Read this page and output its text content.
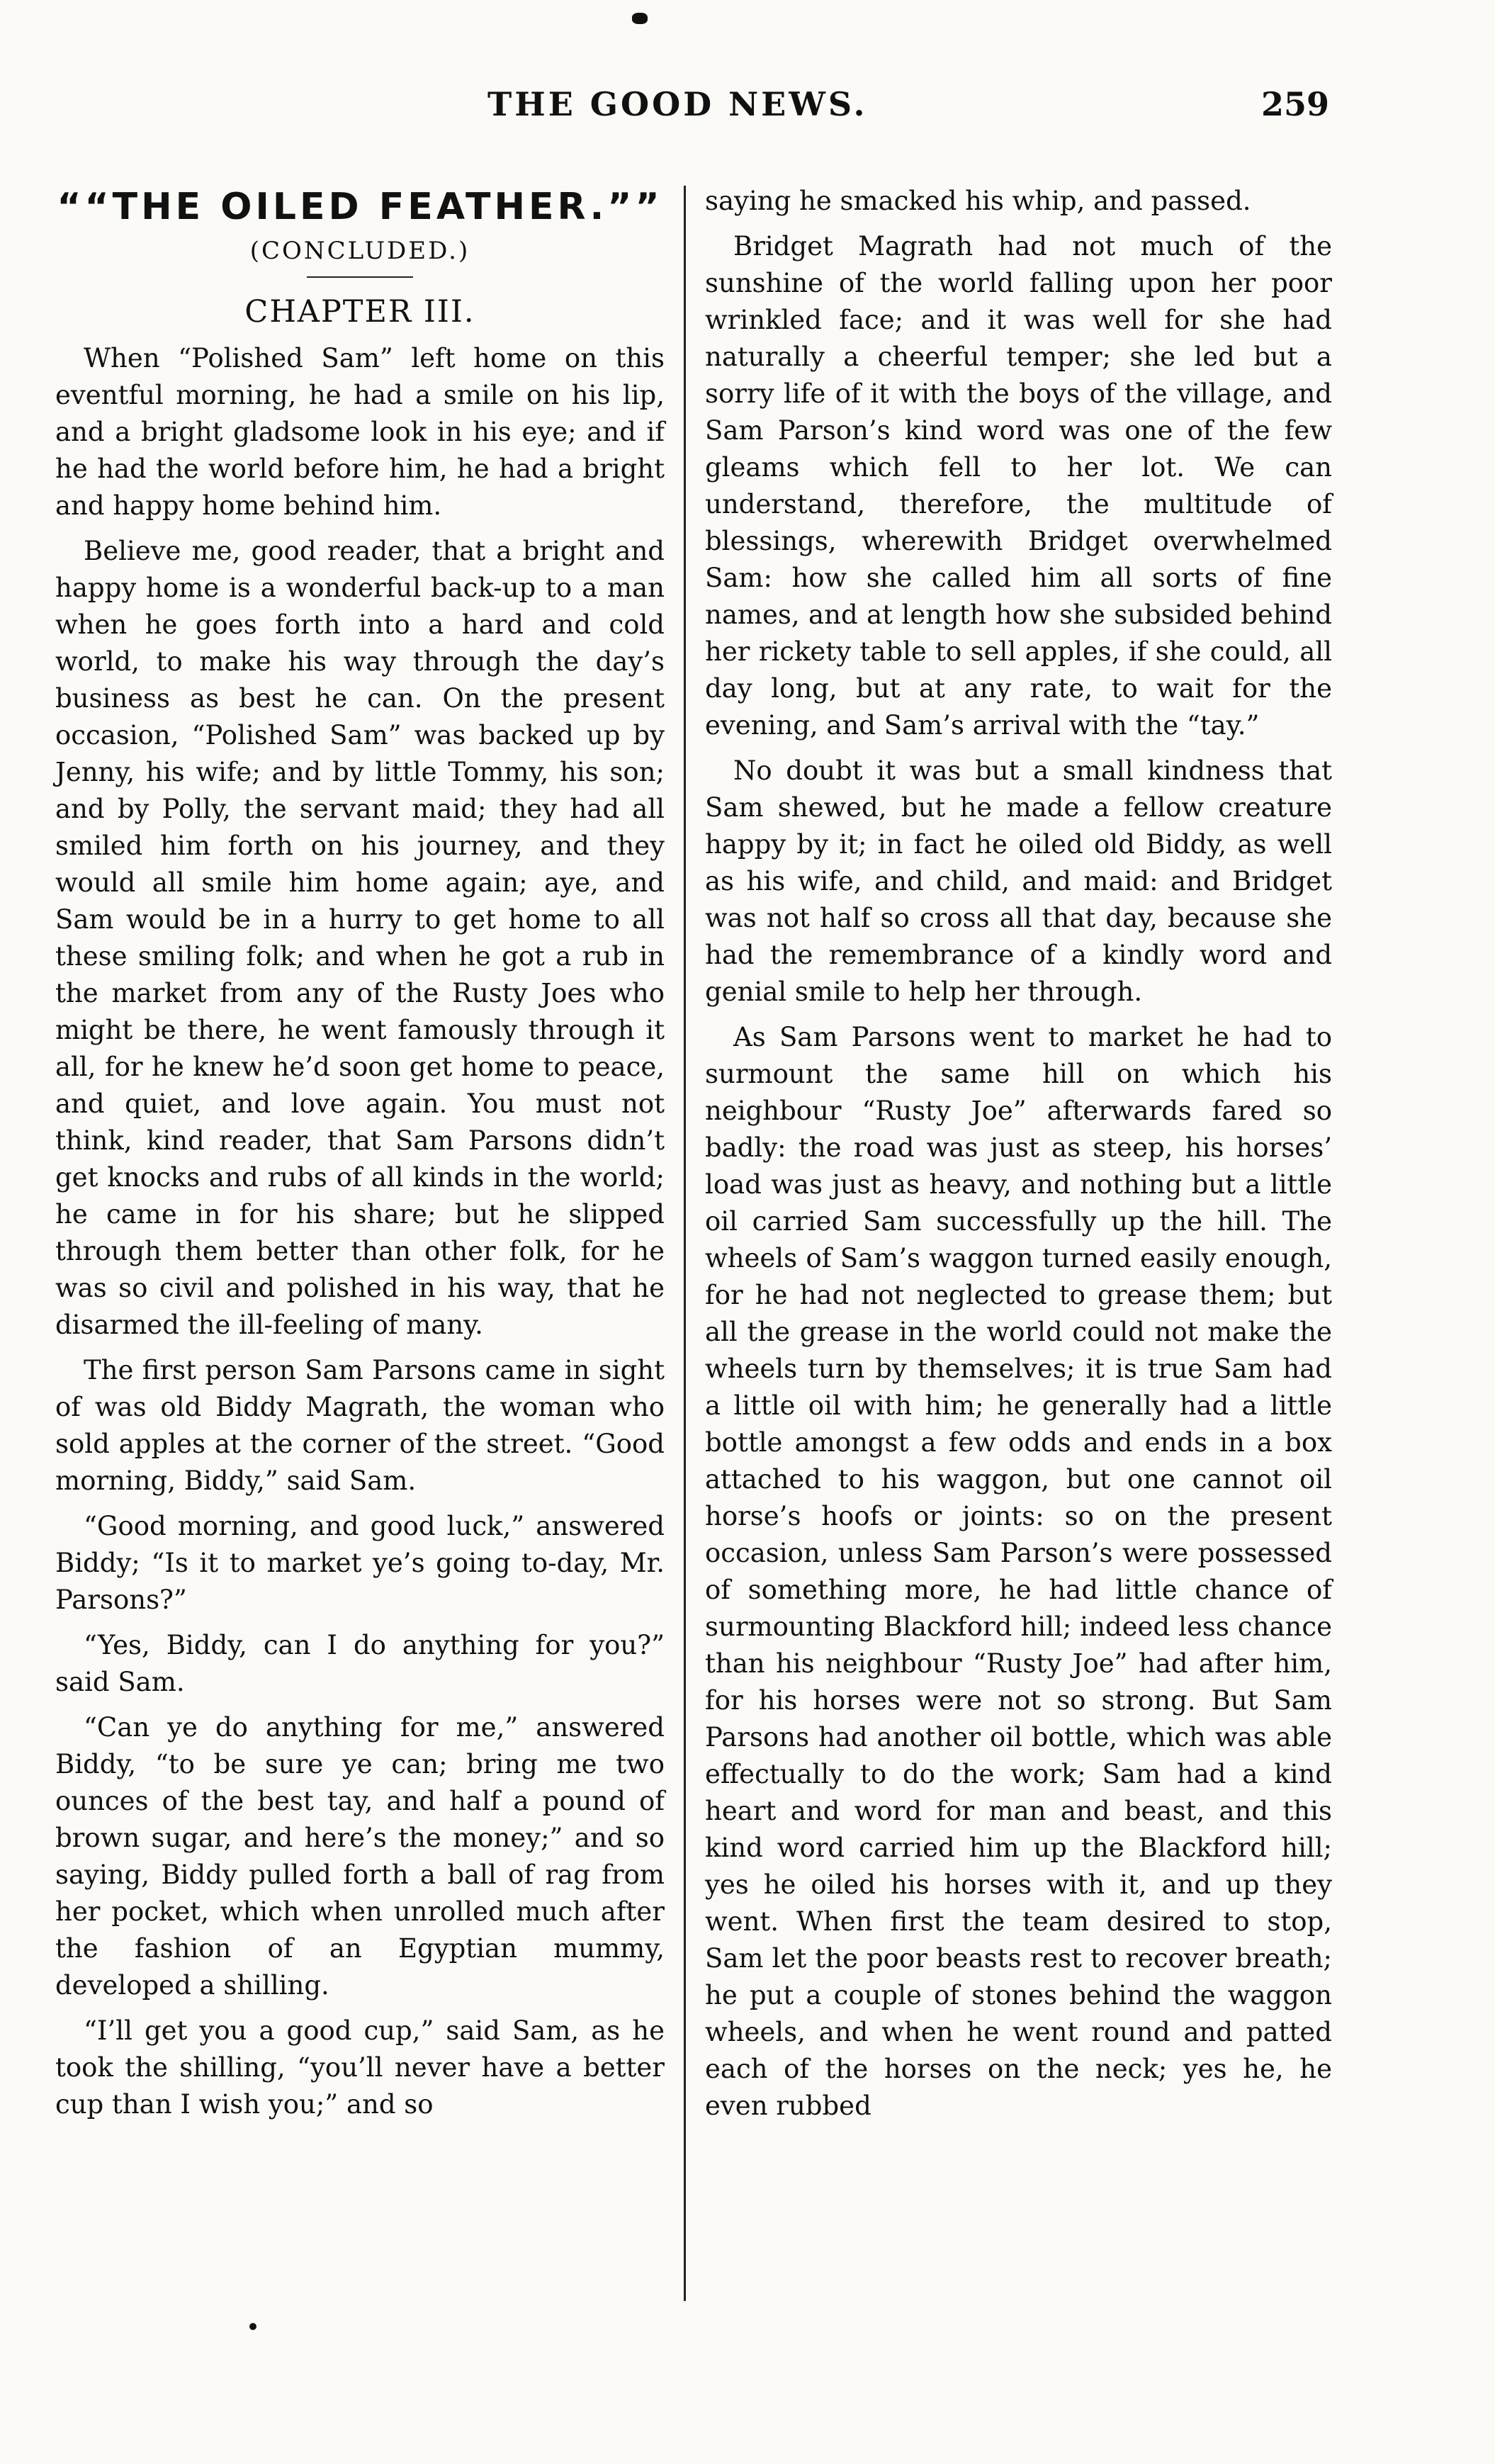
THE GOOD NEWS.	259
““THE OILED FEATHER.””
(CONCLUDED.)
CHAPTER III.

When “Polished Sam” left home on this eventful morning, he had a smile on his lip, and a bright gladsome look in his eye; and if he had the world before him, he had a bright and happy home behind him.

Believe me, good reader, that a bright and happy home is a wonderful back-up to a man when he goes forth into a hard and cold world, to make his way through the day’s business as best he can. On the present occasion, “Polished Sam” was backed up by Jenny, his wife; and by little Tommy, his son; and by Polly, the servant maid; they had all smiled him forth on his journey, and they would all smile him home again; aye, and Sam would be in a hurry to get home to all these smiling folk; and when he got a rub in the market from any of the Rusty Joes who might be there, he went famously through it all, for he knew he’d soon get home to peace, and quiet, and love again. You must not think, kind reader, that Sam Parsons didn’t get knocks and rubs of all kinds in the world; he came in for his share; but he slipped through them better than other folk, for he was so civil and polished in his way, that he disarmed the ill-feeling of many.

The first person Sam Parsons came in sight of was old Biddy Magrath, the woman who sold apples at the corner of the street. “Good morning, Biddy,” said Sam.

“Good morning, and good luck,” answered Biddy; “Is it to market ye’s going to-day, Mr. Parsons?”

“Yes, Biddy, can I do anything for you?” said Sam.

“Can ye do anything for me,” answered Biddy, “to be sure ye can; bring me two ounces of the best tay, and half a pound of brown sugar, and here’s the money;” and so saying, Biddy pulled forth a ball of rag from her pocket, which when unrolled much after the fashion of an Egyptian mummy, developed a shilling.

“I’ll get you a good cup,” said Sam, as he took the shilling, “you’ll never have a better cup than I wish you;” and so

saying he smacked his whip, and passed.

Bridget Magrath had not much of the sunshine of the world falling upon her poor wrinkled face; and it was well for she had naturally a cheerful temper; she led but a sorry life of it with the boys of the village, and Sam Parson’s kind word was one of the few gleams which fell to her lot. We can understand, therefore, the multitude of blessings, wherewith Bridget overwhelmed Sam: how she called him all sorts of fine names, and at length how she subsided behind her rickety table to sell apples, if she could, all day long, but at any rate, to wait for the evening, and Sam’s arrival with the “tay.”

No doubt it was but a small kindness that Sam shewed, but he made a fellow creature happy by it; in fact he oiled old Biddy, as well as his wife, and child, and maid: and Bridget was not half so cross all that day, because she had the remembrance of a kindly word and genial smile to help her through.

As Sam Parsons went to market he had to surmount the same hill on which his neighbour “Rusty Joe” afterwards fared so badly: the road was just as steep, his horses’ load was just as heavy, and nothing but a little oil carried Sam successfully up the hill. The wheels of Sam’s waggon turned easily enough, for he had not neglected to grease them; but all the grease in the world could not make the wheels turn by themselves; it is true Sam had a little oil with him; he generally had a little bottle amongst a few odds and ends in a box attached to his waggon, but one cannot oil horse’s hoofs or joints: so on the present occasion, unless Sam Parson’s were possessed of something more, he had little chance of surmounting Blackford hill; indeed less chance than his neighbour “Rusty Joe” had after him, for his horses were not so strong. But Sam Parsons had another oil bottle, which was able effectually to do the work; Sam had a kind heart and word for man and beast, and this kind word carried him up the Blackford hill; yes he oiled his horses with it, and up they went. When first the team desired to stop, Sam let the poor beasts rest to recover breath; he put a couple of stones behind the waggon wheels, and when he went round and patted each of the horses on the neck; yes he, he even rubbed
